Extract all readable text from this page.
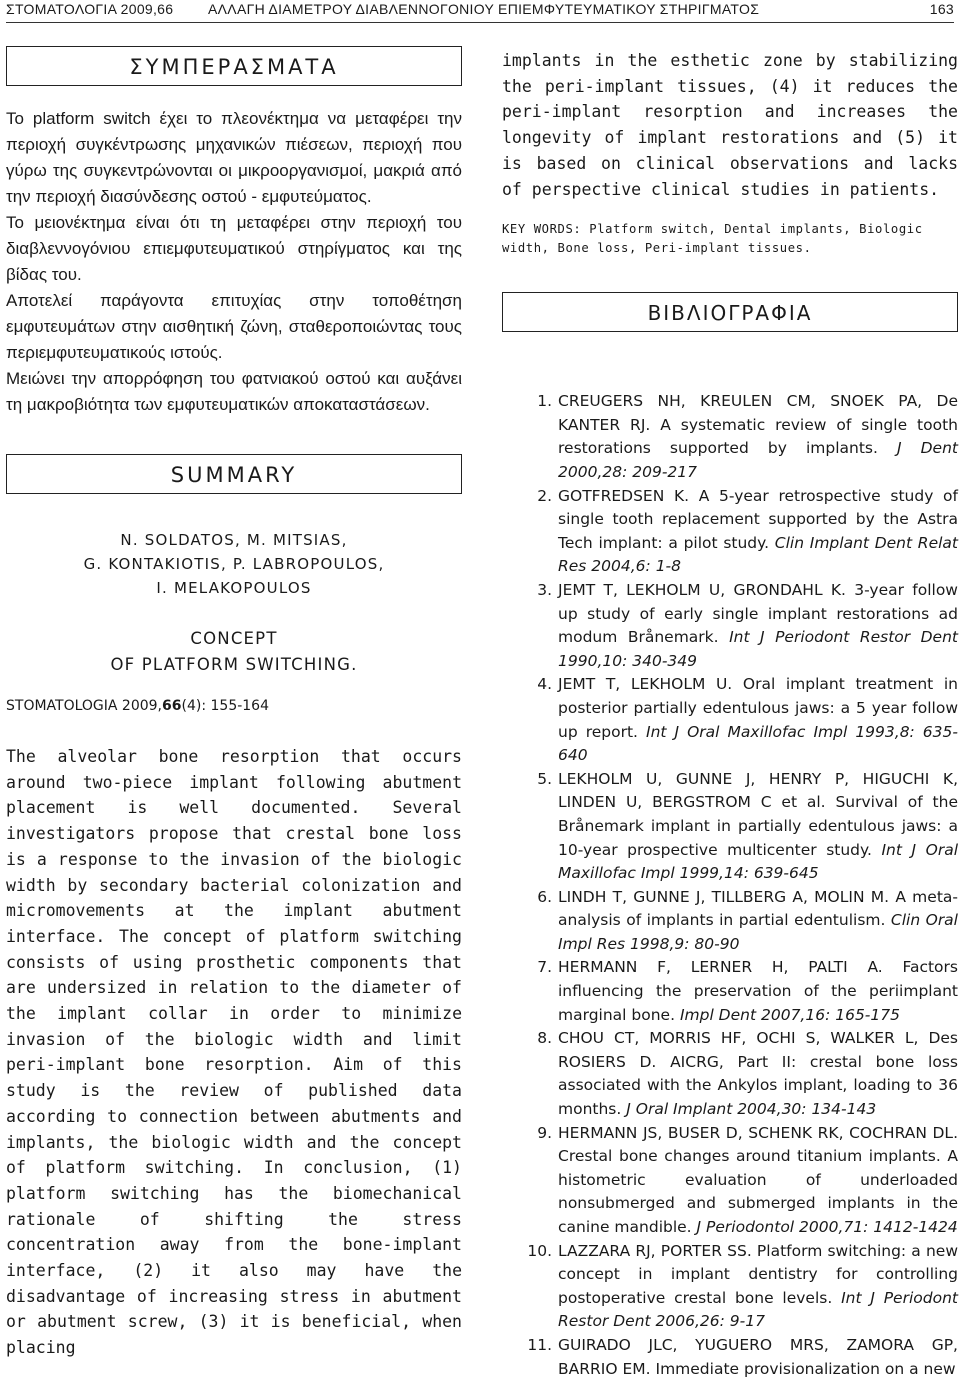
ΣΤΟΜΑΤΟΛΟΓΙΑ 2009,66 ΑΛΛΑΓΗ ΔΙΑΜΕΤΡΟΥ ΔΙΑΒΛΕΝΝΟΓΟΝΙΟΥ ΕΠΙΕΜΦΥΤΕΥΜΑΤΙΚΟΥ ΣΤΗΡΙΓΜΑΤΟΣ	163
ΣΥΜΠΕΡΑΣΜΑΤΑ

Το platform switch έχει το πλεονέκτημα να μεταφέρει την περιοχή συγκέντρωσης μηχανικών πιέσεων, περιοχή που γύρω της συγκεντρώνονται οι μικροοργανισμοί, μακριά από την περιοχή διασύνδεσης οστού - εμφυτεύματος.

Το μειονέκτημα είναι ότι τη μεταφέρει στην περιοχή του διαβλεννογόνιου επιεμφυτευματικού στηρίγματος και της βίδας του.

Αποτελεί παράγοντα επιτυχίας στην τοποθέτηση εμφυτευμάτων στην αισθητική ζώνη, σταθεροποιώντας τους περιεμφυτευματικούς ιστούς.

Μειώνει την απορρόφηση του φατνιακού οστού και αυξάνει τη μακροβιότητα των εμφυτευματικών αποκαταστάσεων.

SUMMARY
N. SOLDATOS, M. MITSIAS,
G. KONTAKIOTIS, P. LABROPOULOS,
I. MELAKOPOULOS
CONCEPT
OF PLATFORM SWITCHING.
STOMATOLOGIA 2009,66(4): 155-164
The alveolar bone resorption that occurs around two-piece implant following abutment placement is well documented. Several investigators propose that crestal bone loss is a response to the invasion of the biologic width by secondary bacterial colonization and micromovements at the implant abutment interface. The concept of platform switching consists of using prosthetic components that are undersized in relation to the diameter of the implant collar in order to minimize invasion of the biologic width and limit peri-implant bone resorption. Aim of this study is the review of published data according to connection between abutments and implants, the biologic width and the concept of platform switching. In conclusion, (1) platform switching has the biomechanical rationale of shifting the stress concentration away from the bone-implant interface, (2) it also may have the disadvantage of increasing stress in abutment or abutment screw, (3) it is beneficial, when placing
implants in the esthetic zone by stabilizing the peri-implant tissues, (4) it reduces the peri-implant resorption and increases the longevity of implant restorations and (5) it is based on clinical observations and lacks of perspective clinical studies in patients.
KEY WORDS: Platform switch, Dental implants, Biologic width, Bone loss, Peri-implant tissues.
ΒΙΒΛΙΟΓΡΑΦΙΑ

1. CREUGERS NH, KREULEN CM, SNOEK PA, De KANTER RJ. A systematic review of single tooth restorations supported by implants. J Dent 2000,28: 209-217

2. GOTFREDSEN K. A 5-year retrospective study of single tooth replacement supported by the Astra Tech implant: a pilot study. Clin Implant Dent Relat Res 2004,6: 1-8

3. JEMT T, LEKHOLM U, GRONDAHL K. 3-year follow up study of early single implant restorations ad modum Brånemark. Int J Periodont Restor Dent 1990,10: 340-349

4. JEMT T, LEKHOLM U. Oral implant treatment in posterior partially edentulous jaws: a 5 year follow up report. Int J Oral Maxillofac Impl 1993,8: 635-640

5. LEKHOLM U, GUNNE J, HENRY P, HIGUCHI K, LINDEN U, BERGSTROM C et al. Survival of the Brånemark implant in partially edentulous jaws: a 10-year prospective multicenter study. Int J Oral Maxillofac Impl 1999,14: 639-645

6. LINDH T, GUNNE J, TILLBERG A, MOLIN M. A meta-analysis of implants in partial edentulism. Clin Oral Impl Res 1998,9: 80-90

7. HERMANN F, LERNER H, PALTI A. Factors influencing the preservation of the periimplant marginal bone. Impl Dent 2007,16: 165-175

8. CHOU CT, MORRIS HF, OCHI S, WALKER L, Des ROSIERS D. AICRG, Part II: crestal bone loss associated with the Ankylos implant, loading to 36 months. J Oral Implant 2004,30: 134-143

9. HERMANN JS, BUSER D, SCHENK RK, COCHRAN DL. Crestal bone changes around titanium implants. A histometric evaluation of underloaded nonsubmerged and submerged implants in the canine mandible. J Periodontol 2000,71: 1412-1424

10. LAZZARA RJ, PORTER SS. Platform switching: a new concept in implant dentistry for controlling postoperative crestal bone levels. Int J Periodont Restor Dent 2006,26: 9-17

11. GUIRADO JLC, YUGUERO MRS, ZAMORA GP, BARRIO EM. Immediate provisionalization on a new
